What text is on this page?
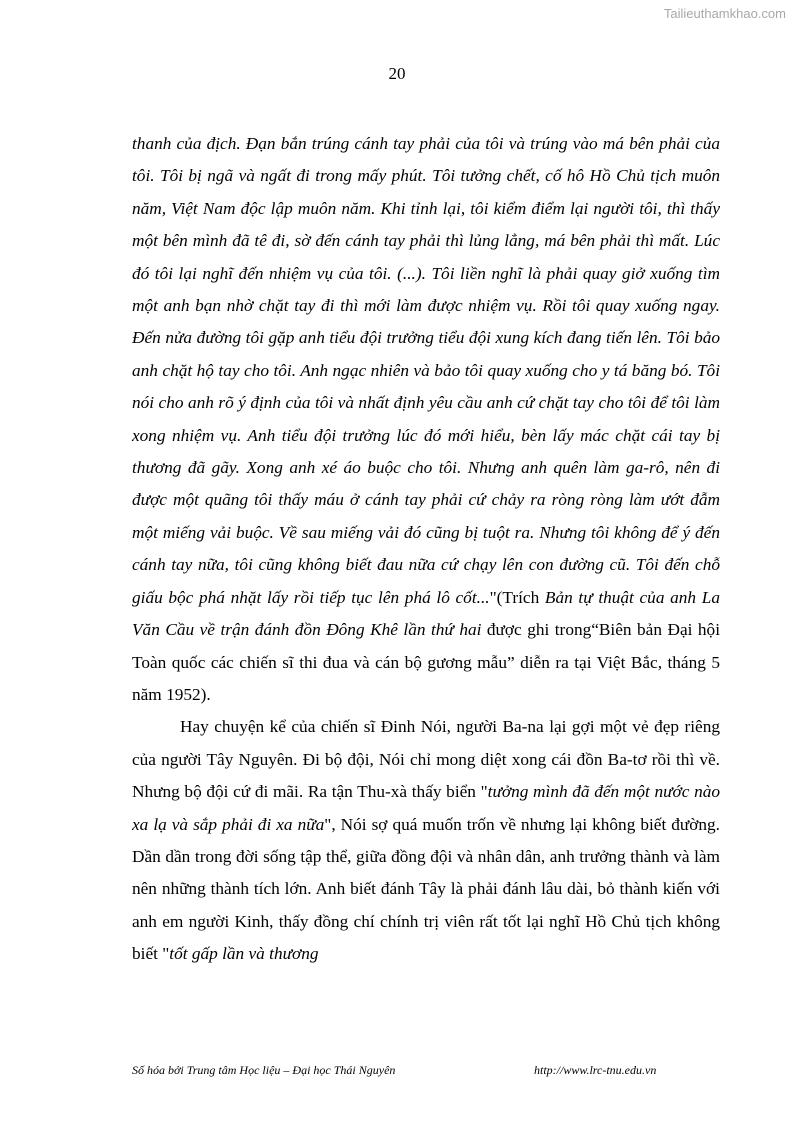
Tailieuthamkhao.com
20

thanh của địch. Đạn bắn trúng cánh tay phải của tôi và trúng vào má bên phải của tôi. Tôi bị ngã và ngất đi trong mấy phút. Tôi tưởng chết, cố hô Hồ Chủ tịch muôn năm, Việt Nam độc lập muôn năm. Khi tỉnh lại, tôi kiểm điểm lại người tôi, thì thấy một bên mình đã tê đi, sờ đến cánh tay phải thì lủng lẳng, má bên phải thì mất. Lúc đó tôi lại nghĩ đến nhiệm vụ của tôi. (...). Tôi liền nghĩ là phải quay giở xuống tìm một anh bạn nhờ chặt tay đi thì mới làm được nhiệm vụ. Rồi tôi quay xuống ngay. Đến nửa đường tôi gặp anh tiểu đội trưởng tiểu đội xung kích đang tiến lên. Tôi bảo anh chặt hộ tay cho tôi. Anh ngạc nhiên và bảo tôi quay xuống cho y tá băng bó. Tôi nói cho anh rõ ý định của tôi và nhất định yêu cầu anh cứ chặt tay cho tôi để tôi làm xong nhiệm vụ. Anh tiểu đội trưởng lúc đó mới hiểu, bèn lấy mác chặt cái tay bị thương đã gãy. Xong anh xé áo buộc cho tôi. Nhưng anh quên làm ga-rô, nên đi được một quãng tôi thấy máu ở cánh tay phải cứ chảy ra ròng ròng làm ướt đẫm một miếng vải buộc. Về sau miếng vải đó cũng bị tuột ra. Nhưng tôi không để ý đến cánh tay nữa, tôi cũng không biết đau nữa cứ chạy lên con đường cũ. Tôi đến chỗ giấu bộc phá nhặt lấy rồi tiếp tục lên phá lô cốt..."(Trích Bản tự thuật của anh La Văn Cầu về trận đánh đồn Đông Khê lần thứ hai được ghi trong“Biên bản Đại hội Toàn quốc các chiến sĩ thi đua và cán bộ gương mẫu” diễn ra tại Việt Bắc, tháng 5 năm 1952).

Hay chuyện kể của chiến sĩ Đinh Nói, người Ba-na lại gợi một vẻ đẹp riêng của người Tây Nguyên. Đi bộ đội, Nói chỉ mong diệt xong cái đồn Ba-tơ rồi thì về. Nhưng bộ đội cứ đi mãi. Ra tận Thu-xà thấy biển "tưởng mình đã đến một nước nào xa lạ và sắp phải đi xa nữa", Nói sợ quá muốn trốn về nhưng lại không biết đường. Dần dần trong đời sống tập thể, giữa đồng đội và nhân dân, anh trưởng thành và làm nên những thành tích lớn. Anh biết đánh Tây là phải đánh lâu dài, bỏ thành kiến với anh em người Kinh, thấy đồng chí chính trị viên rất tốt lại nghĩ Hồ Chủ tịch không biết "tốt gấp lần và thương

Số hóa bởi Trung tâm Học liệu – Đại học Thái Nguyên	http://www.lrc-tnu.edu.vn
